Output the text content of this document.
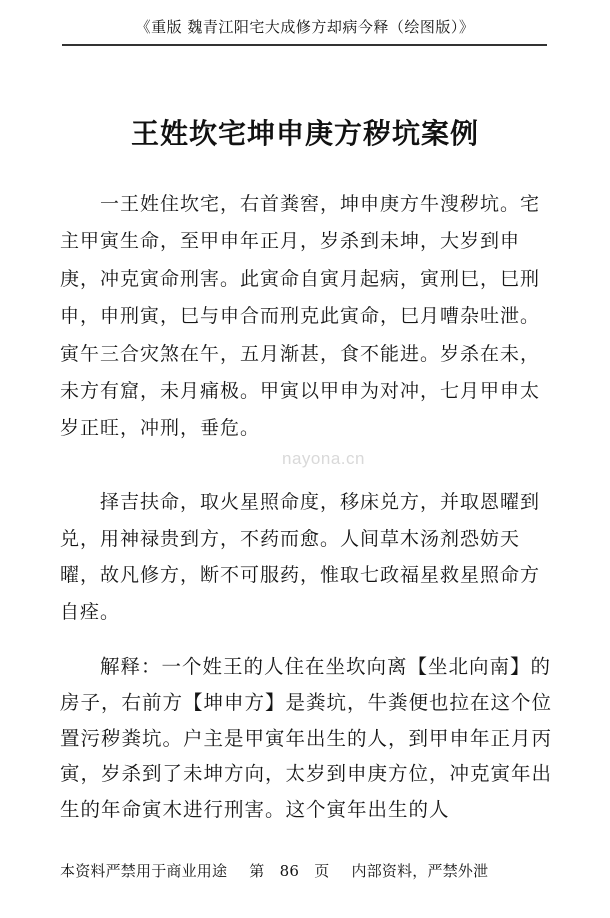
《重版 魏青江阳宅大成修方却病今释（绘图版）》
王姓坎宅坤申庚方秽坑案例

一王姓住坎宅，右首粪窖，坤申庚方牛溲秽坑。宅主甲寅生命，至甲申年正月，岁杀到未坤，大岁到申庚，冲克寅命刑害。此寅命自寅月起病，寅刑巳，巳刑申，申刑寅，巳与申合而刑克此寅命，巳月嘈杂吐泄。寅午三合灾煞在午，五月渐甚，食不能进。岁杀在未，未方有窟，未月痛极。甲寅以甲申为对冲，七月甲申太岁正旺，冲刑，垂危。

择吉扶命，取火星照命度，移床兑方，并取恩曜到兑，用神禄贵到方，不药而愈。人间草木汤剂恐妨天曜，故凡修方，断不可服药，惟取七政福星救星照命方自痊。

解释：一个姓王的人住在坐坎向离【坐北向南】的房子，右前方【坤申方】是粪坑，牛粪便也拉在这个位置污秽粪坑。户主是甲寅年出生的人，到甲申年正月丙寅，岁杀到了未坤方向，太岁到申庚方位，冲克寅年出生的年命寅木进行刑害。这个寅年出生的人

nayona.cn
本资料严禁用于商业用途 第　86　页 内部资料，严禁外泄
